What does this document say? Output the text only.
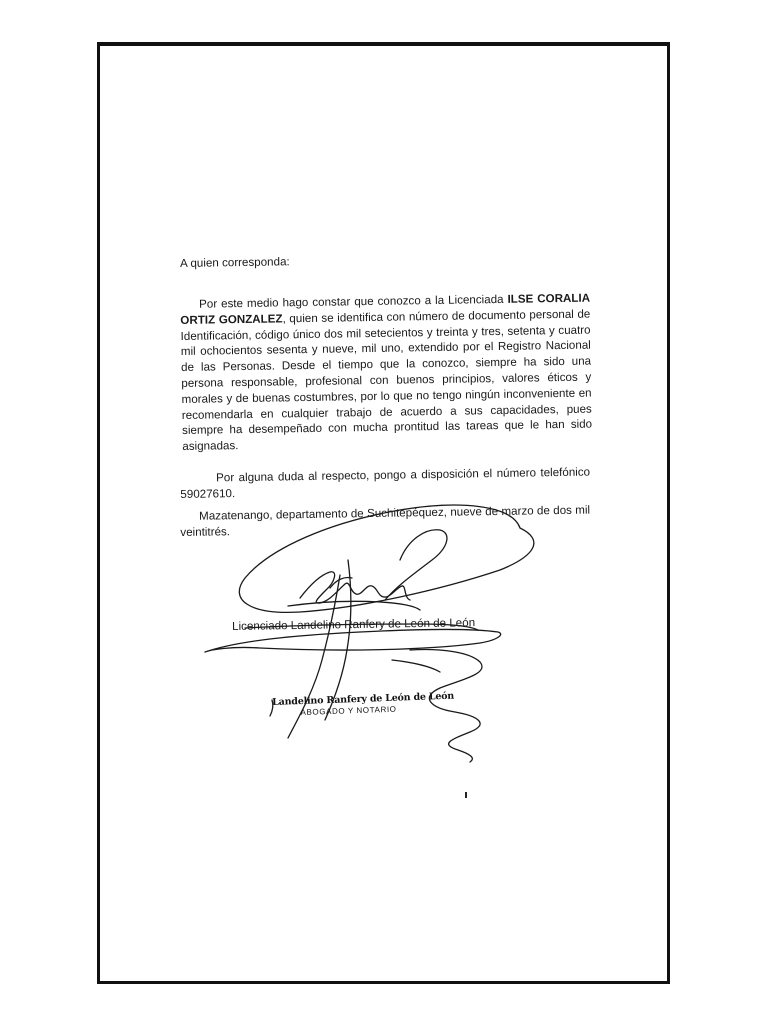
A quien corresponda:
Por este medio hago constar que conozco a la Licenciada ILSE CORALIA ORTIZ GONZALEZ, quien se identifica con número de documento personal de Identificación, código único dos mil setecientos y treinta y tres, setenta y cuatro mil ochocientos sesenta y nueve, mil uno, extendido por el Registro Nacional de las Personas. Desde el tiempo que la conozco, siempre ha sido una persona responsable, profesional con buenos principios, valores éticos y morales y de buenas costumbres, por lo que no tengo ningún inconveniente en recomendarla en cualquier trabajo de acuerdo a sus capacidades, pues siempre ha desempeñado con mucha prontitud las tareas que le han sido asignadas.
Por alguna duda al respecto, pongo a disposición el número telefónico 59027610.
Mazatenango, departamento de Suchitepéquez, nueve de marzo de dos mil veintitrés.
Licenciado Landelino Ranfery de León de León
Landelino Ranfery de León de León
ABOGADO Y NOTARIO
